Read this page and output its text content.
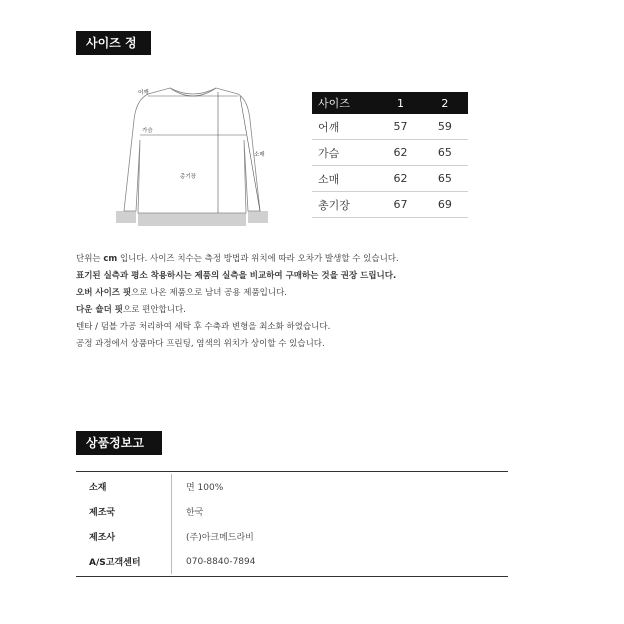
사이즈 정보
어깨
가슴
총기장
소매
사이즈	1	2
어깨	57	59
가슴	62	65
소매	62	65
총기장	67	69
단위는 cm 입니다. 사이즈 치수는 측정 방법과 위치에 따라 오차가 발생할 수 있습니다.
표기된 실측과 평소 착용하시는 제품의 실측을 비교하여 구매하는 것을 권장 드립니다.
오버 사이즈 핏으로 나온 제품으로 남녀 공용 제품입니다.
다운 숄더 핏으로 편안합니다.
텐타 / 덤블 가공 처리하여 세탁 후 수축과 변형을 최소화 하였습니다.
공정 과정에서 상품마다 프린팅, 염색의 위치가 상이할 수 있습니다.
상품정보고시
소재	면 100%
제조국	한국
제조사	(주)아크메드라비
A/S고객센터	070-8840-7894
